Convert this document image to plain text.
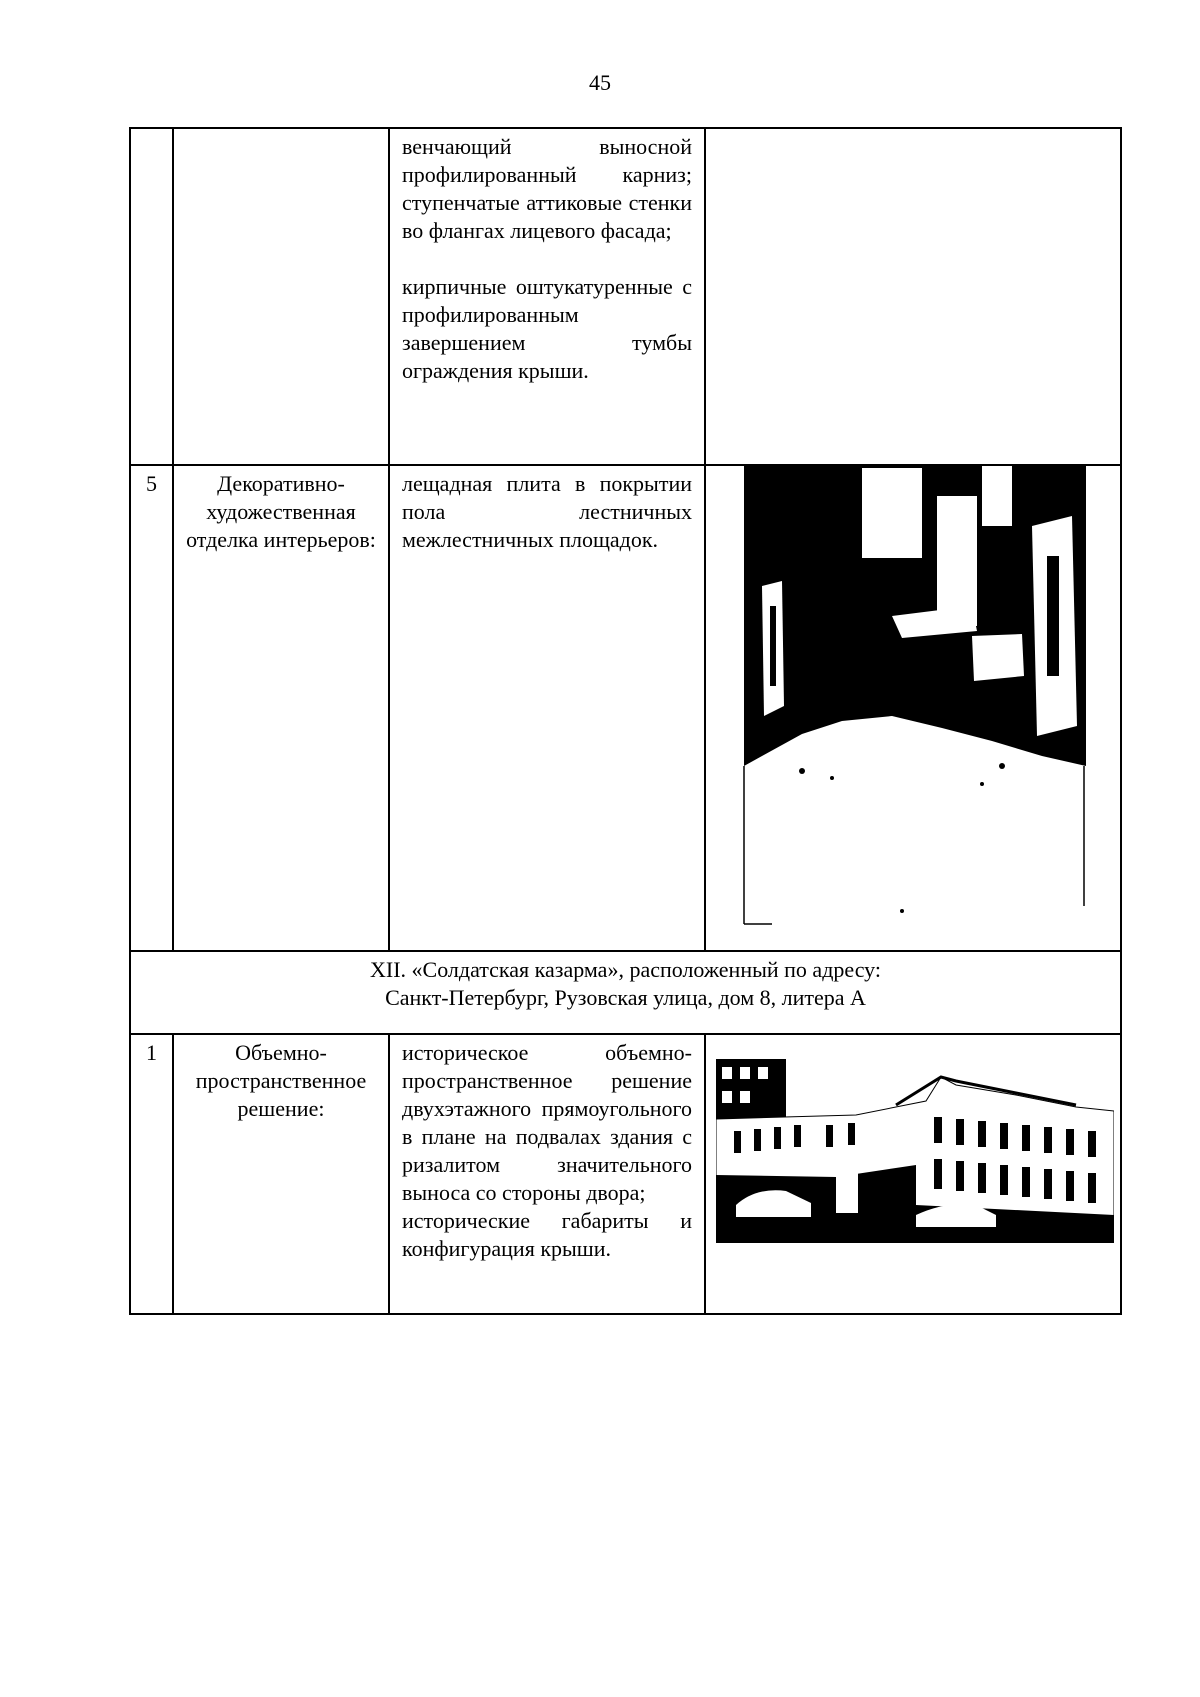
45

		венчающий выносной профилированный карниз; ступенчатые аттиковые стенки во флангах лицевого фасада;

кирпичные оштукатуренные с профилированным завершением тумбы ограждения крыши.	

5	Декоративно-художественная отделка интерьеров:	лещадная плита в покрытии пола лестничных межлестничных площадок.	

XII. «Солдатская казарма», расположенный по адресу:
Санкт-Петербург, Рузовская улица, дом 8, литера А			

1	Объемно-пространственное решение:	историческое объемно-пространственное решение двухэтажного прямоугольного в плане на подвалах здания с ризалитом значительного выноса со стороны двора;

исторические габариты и конфигурация крыши.
